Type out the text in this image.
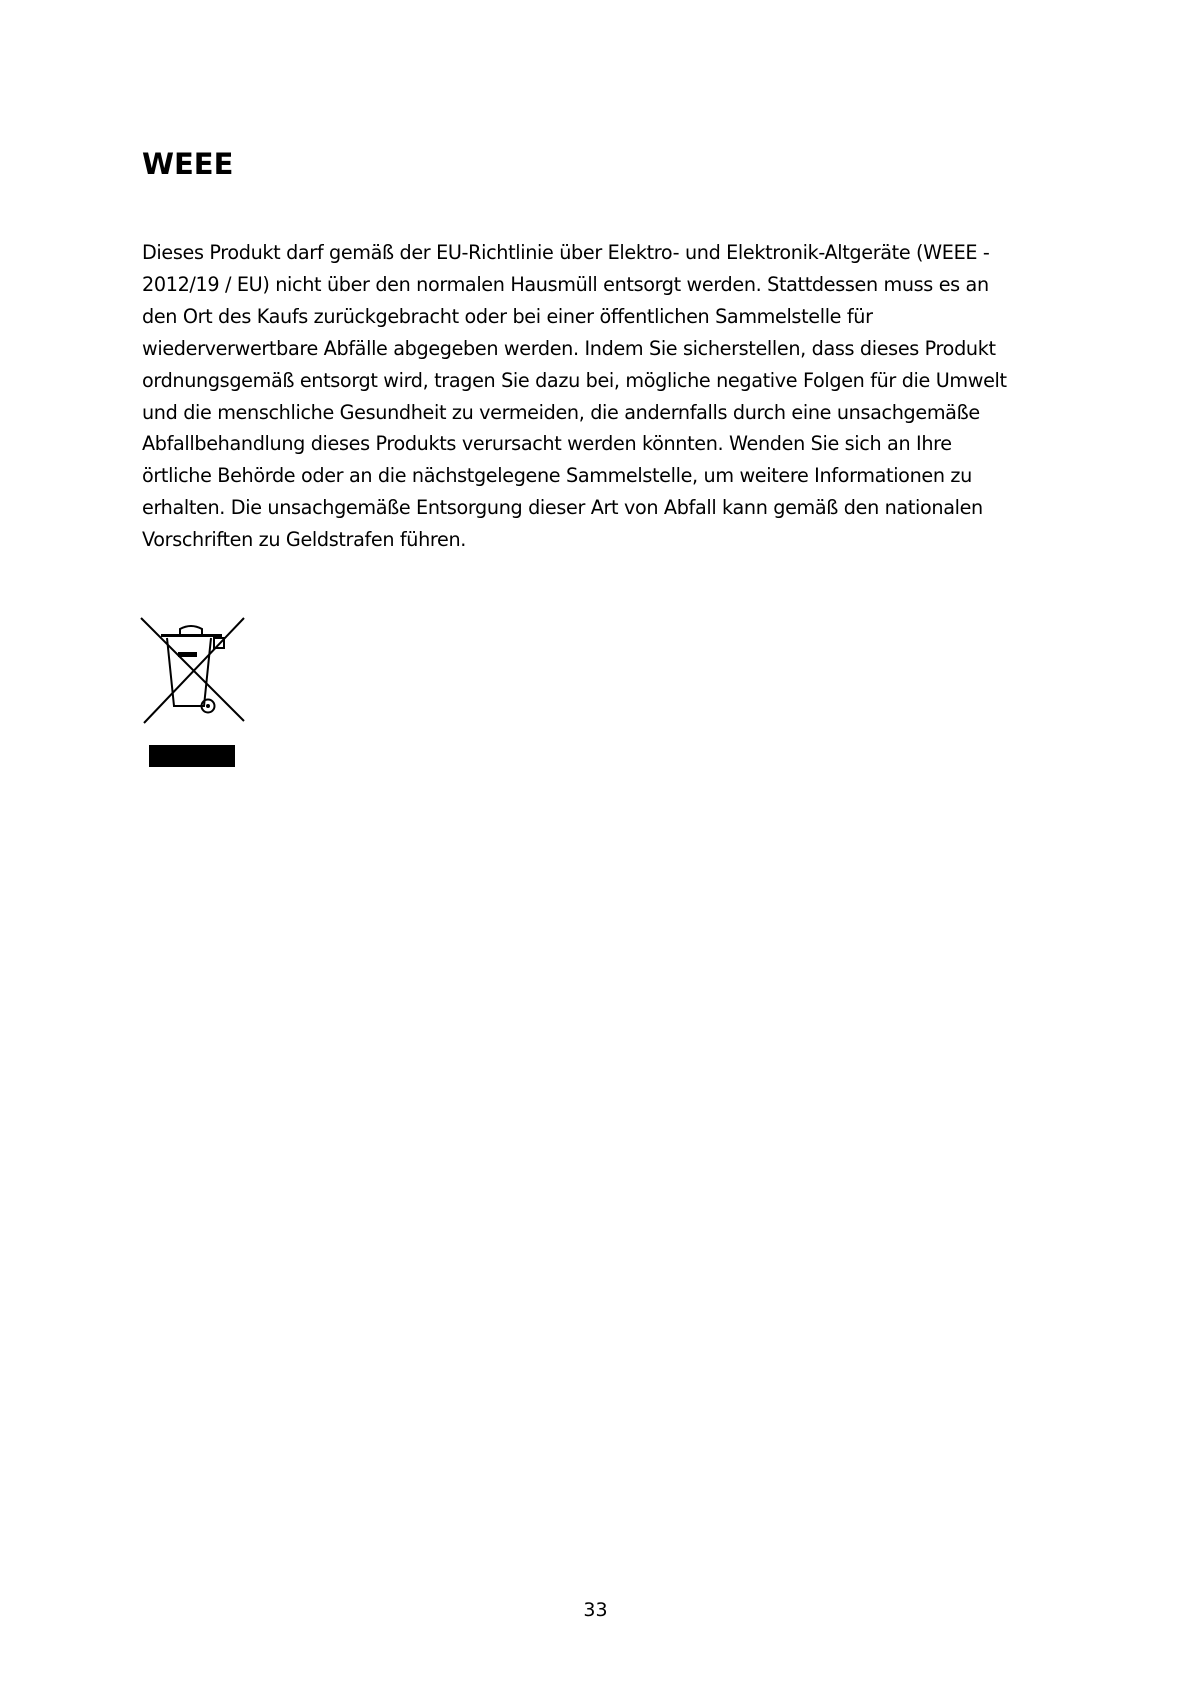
WEEE
Dieses Produkt darf gemäß der EU-Richtlinie über Elektro- und Elektronik-Altgeräte (WEEE -
2012/19 / EU) nicht über den normalen Hausmüll entsorgt werden. Stattdessen muss es an
den Ort des Kaufs zurückgebracht oder bei einer öffentlichen Sammelstelle für
wiederverwertbare Abfälle abgegeben werden. Indem Sie sicherstellen, dass dieses Produkt
ordnungsgemäß entsorgt wird, tragen Sie dazu bei, mögliche negative Folgen für die Umwelt
und die menschliche Gesundheit zu vermeiden, die andernfalls durch eine unsachgemäße
Abfallbehandlung dieses Produkts verursacht werden könnten. Wenden Sie sich an Ihre
örtliche Behörde oder an die nächstgelegene Sammelstelle, um weitere Informationen zu
erhalten. Die unsachgemäße Entsorgung dieser Art von Abfall kann gemäß den nationalen
Vorschriften zu Geldstrafen führen.
33
